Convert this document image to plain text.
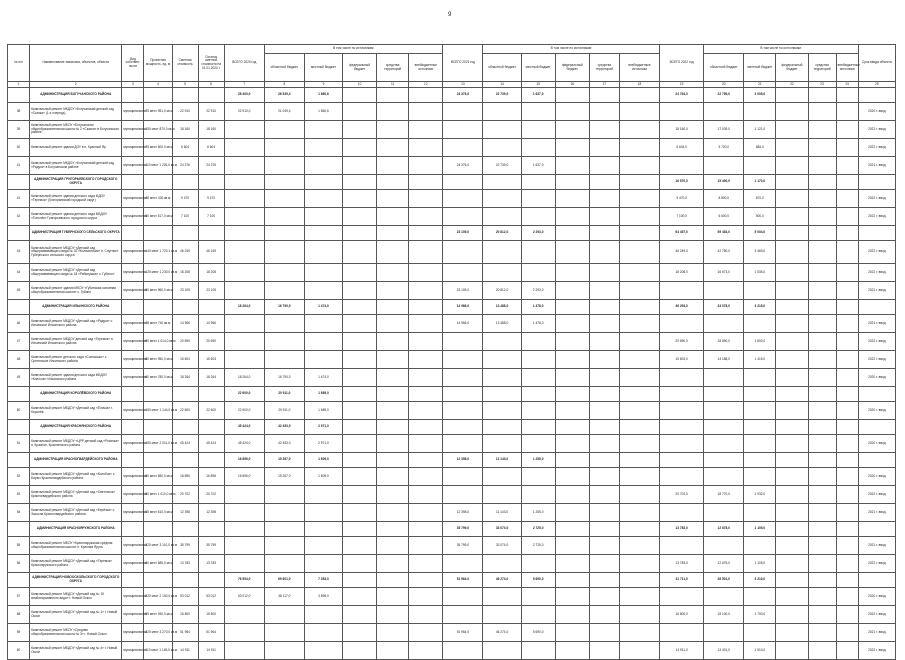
9
№ п/п	Наименование заказчика, объектов, объекта	Вид собствен-ности	Проектная мощность, ед. м	Сметная стоимость	Остаток сметной стоимости на 01.01.2020 г.	ВСЕГО 2020 год	В том числе по источникам:					ВСЕГО 2021 год	В том числе по источникам:					ВСЕГО 2022 год	В том числе по источникам:					Срок ввода объекта
							областной бюджет	местный бюджет	федеральный бюджет	средства территорий	внебюджетные источники		областной бюджет	местный бюджет	федеральный бюджет	средства территорий	внебюджетные источники		областной бюджет	местный бюджет	федеральный бюджет	средства территорий	внебюджетные источники	
1	2	3	4	5	6	7	8	9	10	11	12	13	14	15	16	17	18	19	20	21	22	23	24	25
	АДМИНИСТРАЦИЯ БОГУЧАНСКОГО РАЙОНА					28 400,0	26 539,4	1 860,6				24 376,0	22 739,0	1 637,0				24 764,0	22 759,0	2 005,0				
38	Капитальный ремонт МКДОУ «Богучанский детский сад «Сказка» (1-е очередь)	муниципальная	75 мест 951,0 кв.м	22 910	22 910	22 910,0	21 049,4	1 860,6																2020 г. ввод
39	Капитальный ремонт МБОУ «Богучанская общеобразовательная школа № 2 «Сказка» в Богучанском районе	муниципальная	150 мест 870,0 кв.м	18 160	18 160													18 160,0	17 039,0	1 121,0				2022 г. ввод
40	Капитальный ремонт здания ДОУ в п. Красный Яр	муниципальная	75 мест 600,0 кв.м	6 604	6 604													6 604,0	5 720,0	884,0				2022 г. ввод
41	Капитальный ремонт МКДОУ «Богучанский детский сад «Радуга» в Богучанском районе	муниципальная	110 мест 1 226,0 кв.м	24 376	24 376							24 376,0	22 739,0	1 637,0										2021 г. ввод
	АДМИНИСТРАЦИЯ ГРИГОРЬЕВСКОГО ГОРОДСКОГО ОКРУГА																	16 570,0	15 400,0	1 170,0				
41	Капитальный ремонт здания детского сада МДОУ «Теремок» (Григорьевский городской округ)	муниципальная	60 мест 430 кв.м	9 470	9 470													9 470,0	8 800,0	670,0				2022 г. ввод
42	Капитальный ремонт здания детского сада МБДОУ «Тополёк» Григорьевского городского округа	муниципальная	50 мест 517,0 кв.м	7 100	7 100													7 100,0	6 600,0	500,0				2022 г. ввод
	АДМИНИСТРАЦИЯ ГУБЕРНСКОГО СЕЛЬСКОГО ОКРУГА											23 105,0	20 812,0	2 293,0				64 457,0	59 453,0	5 004,0				
43	Капитальный ремонт МБДОУ «Детский сад общеразвивающего вида № 32 «Колокольчик» п. Спутник» Губернского сельского округа	муниципальная	140 мест 1 720,1 кв.м	46 249	46 249													46 249,0	42 780,0	3 469,0				2022 г. ввод
44	Капитальный ремонт МБДОУ «Детский сад общеразвивающего вида № 18 «Рябинушка» с. Губино»	муниципальная	125 мест 1 230,0 кв.м	18 208	18 208													18 208,0	16 673,0	1 535,0				2022 г. ввод
45	Капитальный ремонт здания МБОУ «Губинская основная общеобразовательная школа» с. Губино	муниципальная	80 мест 960,0 кв.м	23 105	23 105							23 105,0	20 812,0	2 293,0										2021 г. ввод
	АДМИНИСТРАЦИЯ ИЛЬИНСКОГО РАЙОНА					18 264,0	16 790,0	1 474,0				14 966,0	13 488,0	1 478,0				36 293,0	33 078,0	3 215,0				
46	Капитальный ремонт МБДОУ «Детский сад «Радуга» с. Ильинское Ильинского района	муниципальная	95 мест 740 кв.м	14 966	14 966							14 966,0	13 488,0	1 478,0										2021 г. ввод
47	Капитальный ремонт МБДОУ детский сад «Теремок» п. Ильинский Ильинского района	муниципальная	90 мест 1 014,0 кв.м	20 690	20 690													20 690,0	18 890,0	1 800,0				2022 г. ввод
48	Капитальный ремонт детского сада «Солнышко» с. Сретенское Ильинского района	муниципальная	80 мест 950,0 кв.м	15 603	15 603													15 603,0	14 188,0	1 415,0				2022 г. ввод
49	Капитальный ремонт здания детского сада МБДОУ «Колосок» Ильинского района	муниципальная	60 мест 780,0 кв.м	18 264	18 264	18 264,0	16 790,0	1 474,0																2020 г. ввод
	АДМИНИСТРАЦИЯ КОРОЛЁВСКОГО РАЙОНА					22 600,0	20 911,0	1 689,0																
50	Капитальный ремонт МБДОУ «Детский сад «Ёлочка» г. Королёв	муниципальная	150 мест 1 144,0 кв.м	22 600	22 600	22 600,0	20 911,0	1 689,0																2020 г. ввод
	АДМИНИСТРАЦИЯ КРАСНЯНСКОГО РАЙОНА					45 424,0	42 453,0	2 971,0																
51	Капитальный ремонт МБДОУ «ЦРР детский сад «Росинка» п. Красное, Краснянского района	муниципальная	180 мест 2 011,0 кв.м	45 424	45 424	45 424,0	42 453,0	2 971,0																2020 г. ввод
	АДМИНИСТРАЦИЯ КРАСНОГВАРДЕЙСКОГО РАЙОНА					16 896,0	15 287,0	1 609,0				12 398,0	11 143,0	1 255,0										
52	Капитальный ремонт МБДОУ «Детский сад «Колобок» с. Бирюч Красногвардейского района	муниципальная	80 мест 650,0 кв.м	16 896	16 896	16 896,0	15 287,0	1 609,0																2020 г. ввод
53	Капитальный ремонт МБДОУ «Детский сад «Светлячок» Красногвардейского района	муниципальная	80 мест 1 010,0 кв.м	20 702	20 702													20 702,0	18 770,0	1 932,0				2022 г. ввод
54	Капитальный ремонт МБДОУ «Детский сад «Берёзка» с. Засосна Красногвардейского района	муниципальная	55 мест 610,0 кв.м	12 398	12 398							12 398,0	11 143,0	1 255,0										2021 г. ввод
	АДМИНИСТРАЦИЯ КРАСНОЯРУЖСКОГО РАЙОНА											35 799,0	33 074,0	2 725,0				13 783,0	12 678,0	1 105,0				
55	Капитальный ремонт МБОУ «Краснояружская средняя общеобразовательная школа» п. Красная Яруга	муниципальная	320 мест 3 110,0 кв.м	35 799	35 799							35 799,0	33 074,0	2 725,0										2021 г. ввод
56	Капитальный ремонт МБДОУ «Детский сад «Теремок» Краснояружского района	муниципальная	60 мест 685,0 кв.м	13 783	13 783													13 783,0	12 678,0	1 105,0				2022 г. ввод
	АДМИНИСТРАЦИЯ НОВООСКОЛЬСКОГО ГОРОДСКОГО ОКРУГА					76 954,0	69 601,0	7 353,0				51 964,0	46 274,0	5 690,0				31 711,0	28 501,0	3 210,0				
57	Капитальный ремонт МБДОУ «Детский сад № 15 комбинированного вида» г. Новый Оскол	муниципальная	220 мест 2 150,0 кв.м	53 012	53 012	53 012,0	48 117,0	4 895,0																2020 г. ввод
58	Капитальный ремонт МБДОУ «Детский сад № 1» г. Новый Оскол	муниципальная	95 мест 940,0 кв.м	16 800	16 800													16 800,0	15 100,0	1 700,0				2022 г. ввод
59	Капитальный ремонт МБОУ «Средняя общеобразовательная школа № 3» г. Новый Оскол	муниципальная	320 мест 3 270,0 кв.м	51 964	51 964							51 964,0	46 274,0	5 690,0										2021 г. ввод
60	Капитальный ремонт МБДОУ «Детский сад № 4» г. Новый Оскол	муниципальная	110 мест 1 145,0 кв.м	14 911	14 911													14 911,0	13 401,0	1 510,0				2022 г. ввод
